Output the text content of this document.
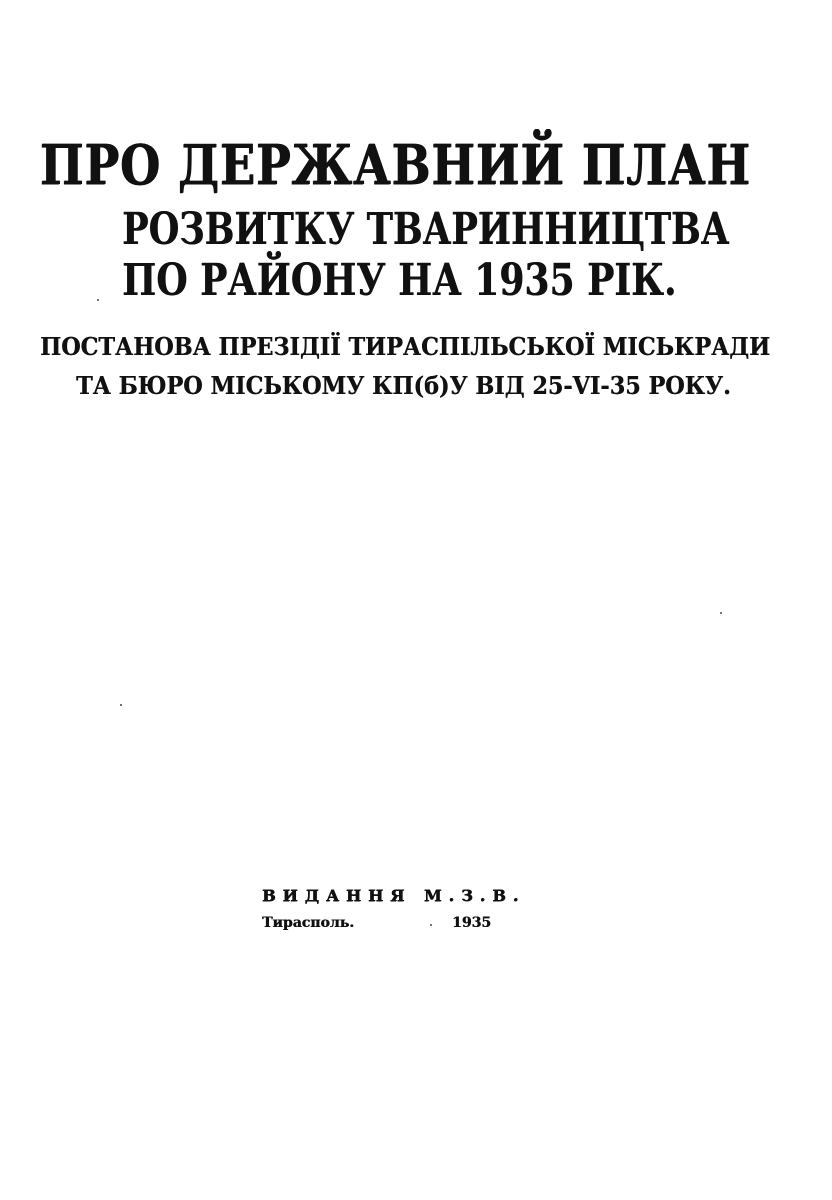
ПРО ДЕРЖАВНИЙ ПЛАН
РОЗВИТКУ ТВАРИННИЦТВА
ПО РАЙОНУ НА 1935 РІК.
ПОСТАНОВА ПРЕЗІДІЇ ТИРАСПІЛЬСЬКОЇ МІСЬКРАДИ
ТА БЮРО МІСЬКОМУ КП(б)У ВІД 25-VI-35 РОКУ.
ВИДАННЯ М.З.В.
Тирасполь.	1935
